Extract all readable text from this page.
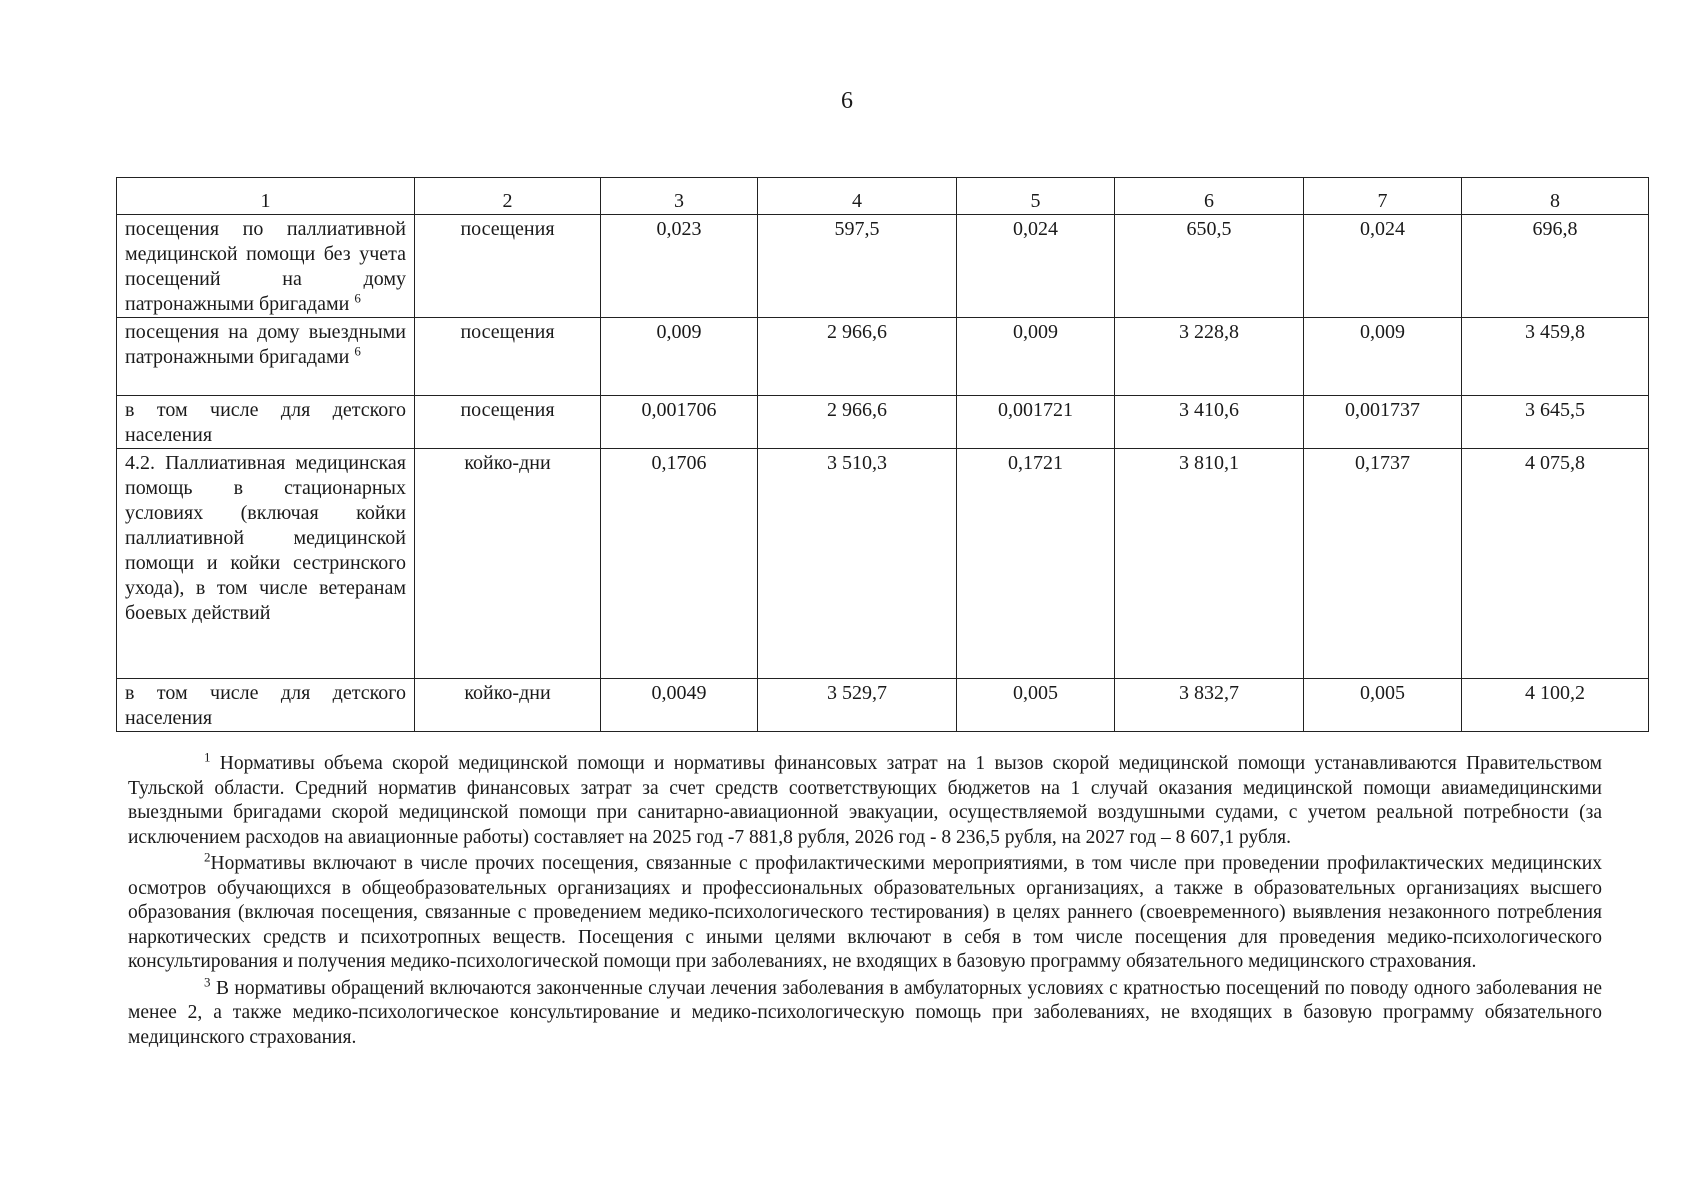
6
1	2	3	4	5	6	7	8
посещения по паллиативной медицинской помощи без учета посещений на дому патронажными бригадами $^6$	посещения	0,023	597,5	0,024	650,5	0,024	696,8
посещения на дому выездными патронажными бригадами $^6$	посещения	0,009	2 966,6	0,009	3 228,8	0,009	3 459,8
в том числе для детского населения	посещения	0,001706	2 966,6	0,001721	3 410,6	0,001737	3 645,5
4.2. Паллиативная медицинская помощь в стационарных условиях (включая койки паллиативной медицинской помощи и койки сестринского ухода), в том числе ветеранам боевых действий	койко-дни	0,1706	3 510,3	0,1721	3 810,1	0,1737	4 075,8
в том числе для детского населения	койко-дни	0,0049	3 529,7	0,005	3 832,7	0,005	4 100,2

$^1$ Нормативы объема скорой медицинской помощи и нормативы финансовых затрат на 1 вызов скорой медицинской помощи устанавливаются Правительством Тульской области. Средний норматив финансовых затрат за счет средств соответствующих бюджетов на 1 случай оказания медицинской помощи авиамедицинскими выездными бригадами скорой медицинской помощи при санитарно-авиационной эвакуации, осуществляемой воздушными судами, с учетом реальной потребности (за исключением расходов на авиационные работы) составляет на 2025 год -7 881,8 рубля, 2026 год - 8 236,5 рубля, на 2027 год – 8 607,1 рубля.

$^2$Нормативы включают в числе прочих посещения, связанные с профилактическими мероприятиями, в том числе при проведении профилактических медицинских осмотров обучающихся в общеобразовательных организациях и профессиональных образовательных организациях, а также в образовательных организациях высшего образования (включая посещения, связанные с проведением медико-психологического тестирования) в целях раннего (своевременного) выявления незаконного потребления наркотических средств и психотропных веществ. Посещения с иными целями включают в себя в том числе посещения для проведения медико-психологического консультирования и получения медико-психологической помощи при заболеваниях, не входящих в базовую программу обязательного медицинского страхования.

$^3$ В нормативы обращений включаются законченные случаи лечения заболевания в амбулаторных условиях с кратностью посещений по поводу одного заболевания не менее 2, а также медико-психологическое консультирование и медико-психологическую помощь при заболеваниях, не входящих в базовую программу обязательного медицинского страхования.
